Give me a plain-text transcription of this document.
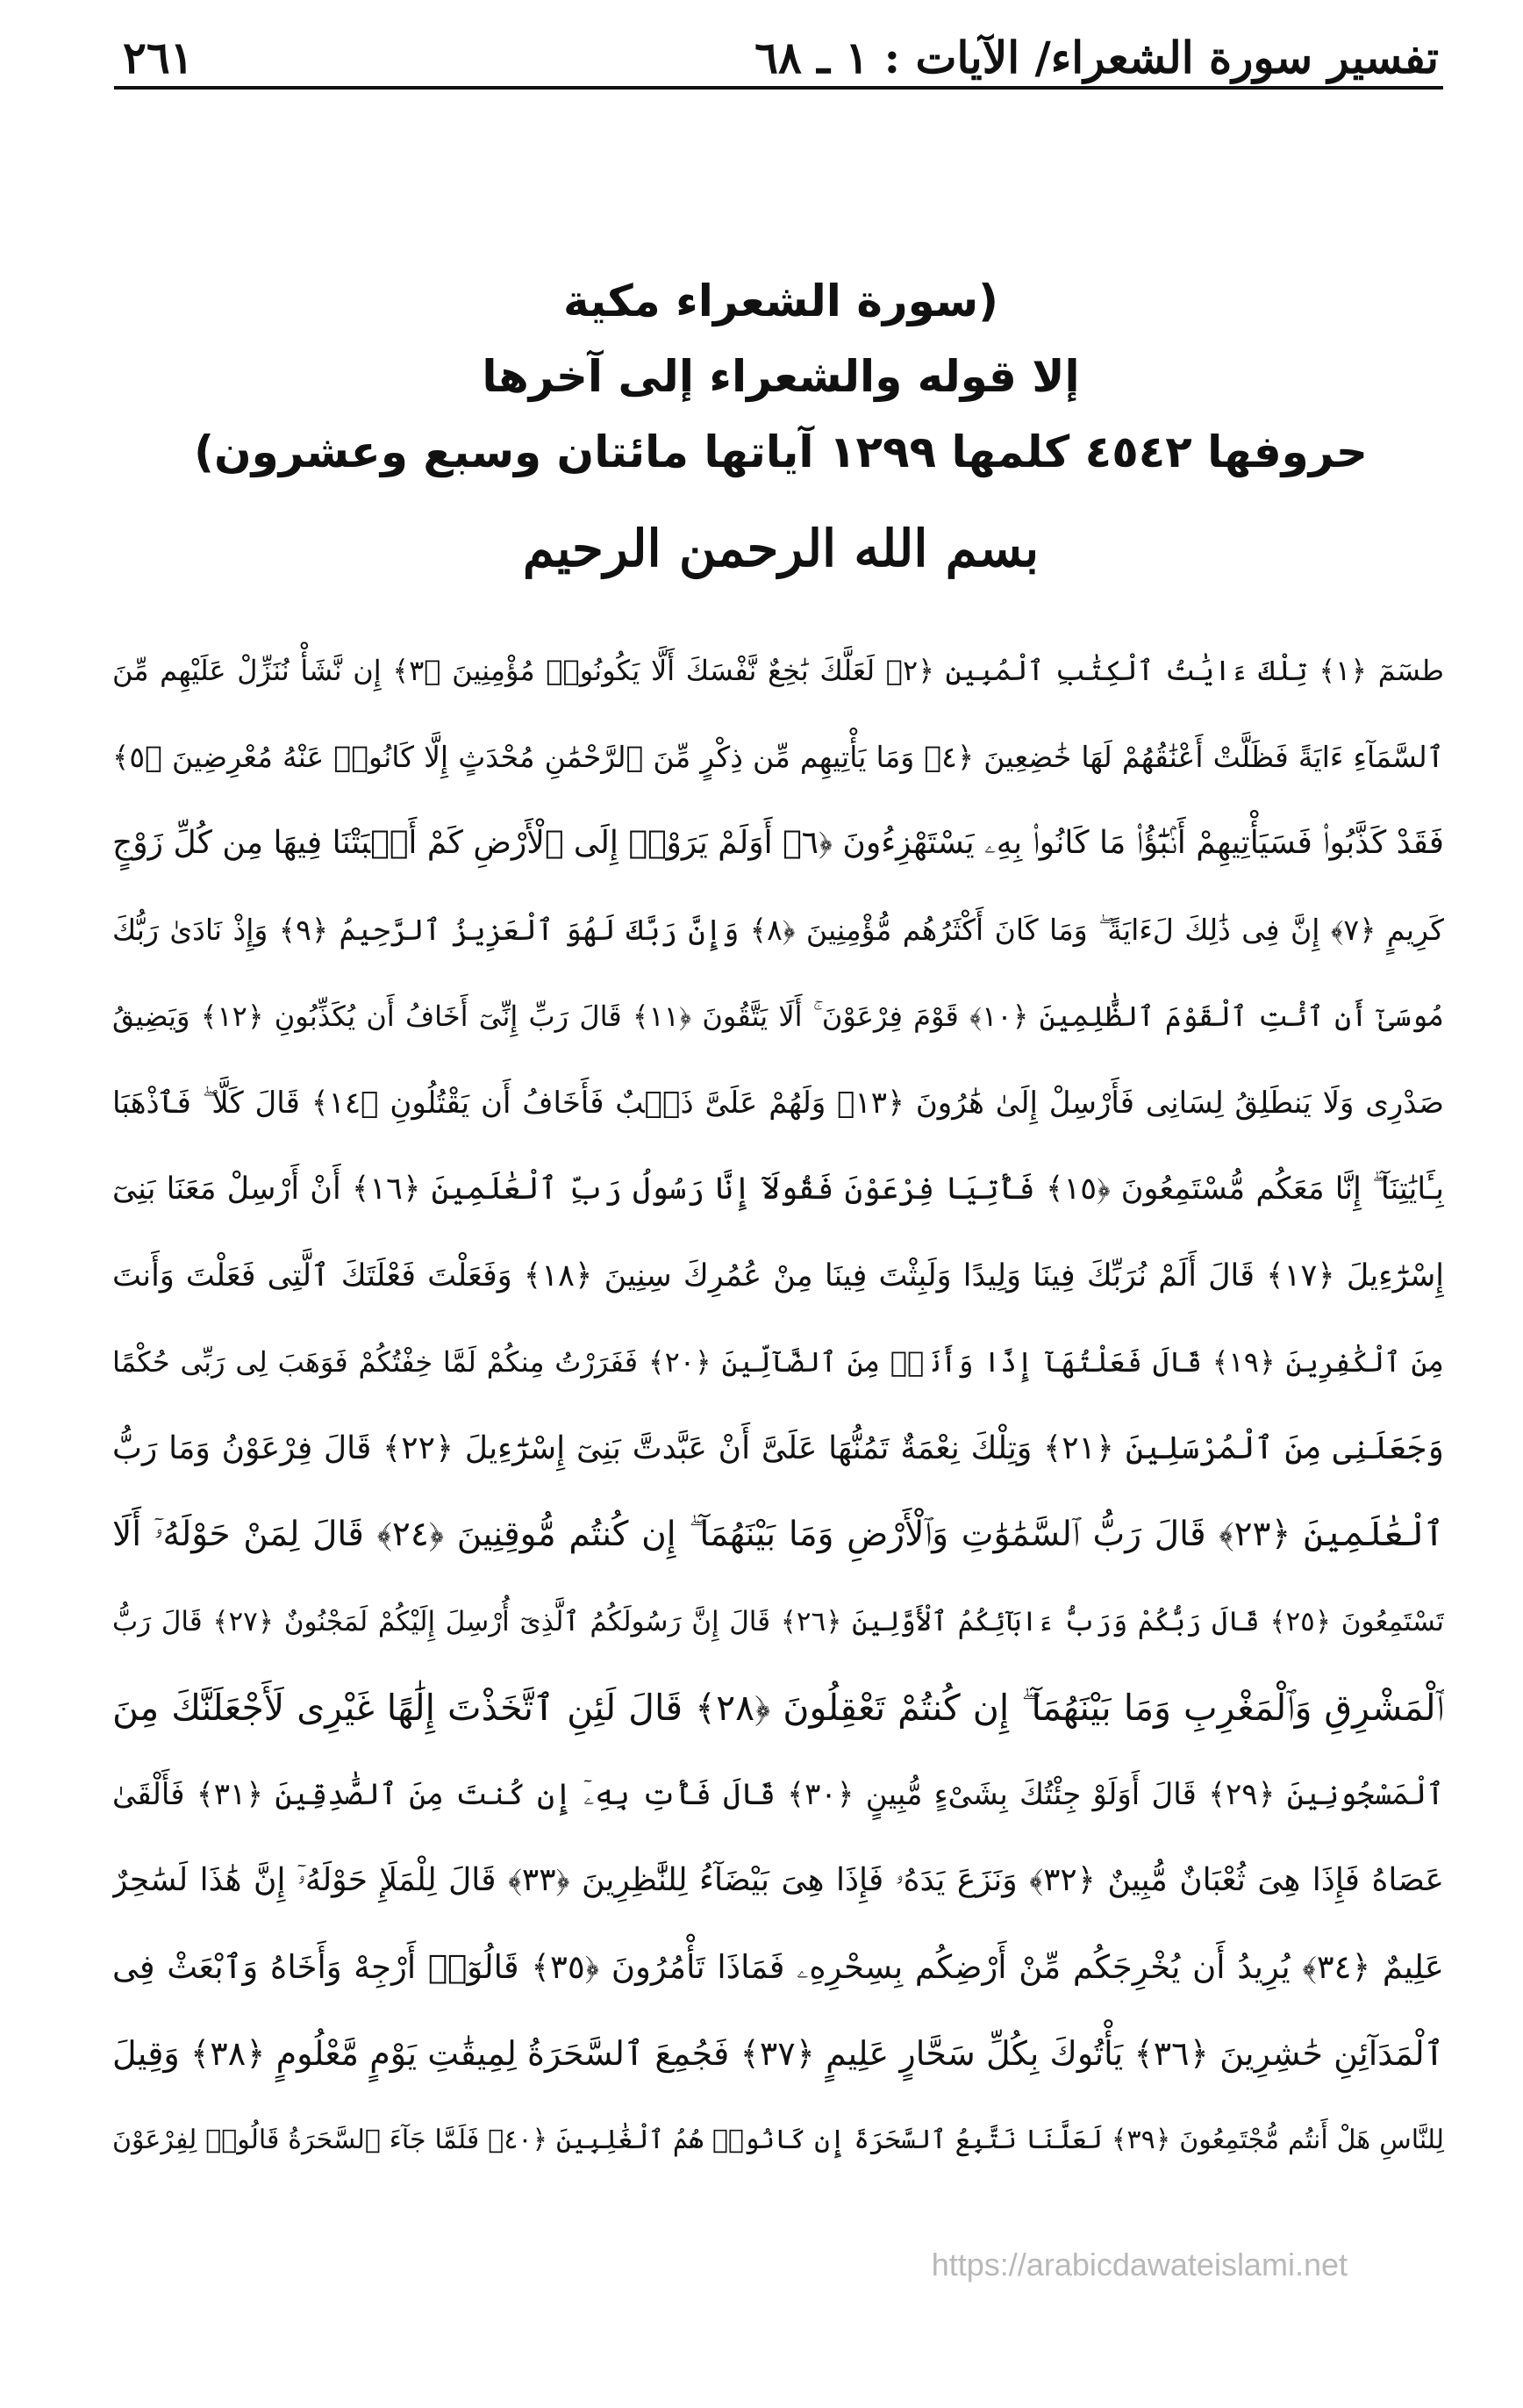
تفسير سورة الشعراء/ الآيات : ١ ـ ٦٨
٢٦١
(سورة الشعراء مكية
إلا قوله والشعراء إلى آخرها
حروفها ٤٥٤٢ كلمها ١٢٩٩ آياتها مائتان وسبع وعشرون)
بسم الله الرحمن الرحيم
طسٓمٓ ﴿١﴾ تِلْكَ ءَايَٰتُ ٱلْكِتَٰبِ ٱلْمُبِينِ ﴿٢﴾ لَعَلَّكَ بَٰخِعٌ نَّفْسَكَ أَلَّا يَكُونُوا۟ مُؤْمِنِينَ ﴿٣﴾ إِن نَّشَأْ نُنَزِّلْ عَلَيْهِم مِّنَ
ٱلسَّمَآءِ ءَايَةً فَظَلَّتْ أَعْنَٰقُهُمْ لَهَا خَٰضِعِينَ ﴿٤﴾ وَمَا يَأْتِيهِم مِّن ذِكْرٍ مِّنَ ٱلرَّحْمَٰنِ مُحْدَثٍ إِلَّا كَانُوا۟ عَنْهُ مُعْرِضِينَ ﴿٥﴾
فَقَدْ كَذَّبُوا۟ فَسَيَأْتِيهِمْ أَنۢبَٰٓؤُا۟ مَا كَانُوا۟ بِهِۦ يَسْتَهْزِءُونَ ﴿٦﴾ أَوَلَمْ يَرَوْا۟ إِلَى ٱلْأَرْضِ كَمْ أَنۢبَتْنَا فِيهَا مِن كُلِّ زَوْجٍ
كَرِيمٍ ﴿٧﴾ إِنَّ فِى ذَٰلِكَ لَءَايَةً ۖ وَمَا كَانَ أَكْثَرُهُم مُّؤْمِنِينَ ﴿٨﴾ وَإِنَّ رَبَّكَ لَهُوَ ٱلْعَزِيزُ ٱلرَّحِيمُ ﴿٩﴾ وَإِذْ نَادَىٰ رَبُّكَ
مُوسَىٰٓ أَنِ ٱئْتِ ٱلْقَوْمَ ٱلظَّٰلِمِينَ ﴿١٠﴾ قَوْمَ فِرْعَوْنَ ۚ أَلَا يَتَّقُونَ ﴿١١﴾ قَالَ رَبِّ إِنِّىٓ أَخَافُ أَن يُكَذِّبُونِ ﴿١٢﴾ وَيَضِيقُ
صَدْرِى وَلَا يَنطَلِقُ لِسَانِى فَأَرْسِلْ إِلَىٰ هَٰرُونَ ﴿١٣﴾ وَلَهُمْ عَلَىَّ ذَنۢبٌ فَأَخَافُ أَن يَقْتُلُونِ ﴿١٤﴾ قَالَ كَلَّا ۖ فَٱذْهَبَا
بِـَٔايَٰتِنَآ ۖ إِنَّا مَعَكُم مُّسْتَمِعُونَ ﴿١٥﴾ فَأْتِيَا فِرْعَوْنَ فَقُولَآ إِنَّا رَسُولُ رَبِّ ٱلْعَٰلَمِينَ ﴿١٦﴾ أَنْ أَرْسِلْ مَعَنَا بَنِىٓ
إِسْرَٰٓءِيلَ ﴿١٧﴾ قَالَ أَلَمْ نُرَبِّكَ فِينَا وَلِيدًا وَلَبِثْتَ فِينَا مِنْ عُمُرِكَ سِنِينَ ﴿١٨﴾ وَفَعَلْتَ فَعْلَتَكَ ٱلَّتِى فَعَلْتَ وَأَنتَ
مِنَ ٱلْكَٰفِرِينَ ﴿١٩﴾ قَالَ فَعَلْتُهَآ إِذًا وَأَنَا۠ مِنَ ٱلضَّآلِّينَ ﴿٢٠﴾ فَفَرَرْتُ مِنكُمْ لَمَّا خِفْتُكُمْ فَوَهَبَ لِى رَبِّى حُكْمًا
وَجَعَلَنِى مِنَ ٱلْمُرْسَلِينَ ﴿٢١﴾ وَتِلْكَ نِعْمَةٌ تَمُنُّهَا عَلَىَّ أَنْ عَبَّدتَّ بَنِىٓ إِسْرَٰٓءِيلَ ﴿٢٢﴾ قَالَ فِرْعَوْنُ وَمَا رَبُّ
ٱلْعَٰلَمِينَ ﴿٢٣﴾ قَالَ رَبُّ ٱلسَّمَٰوَٰتِ وَٱلْأَرْضِ وَمَا بَيْنَهُمَآ ۖ إِن كُنتُم مُّوقِنِينَ ﴿٢٤﴾ قَالَ لِمَنْ حَوْلَهُۥٓ أَلَا
تَسْتَمِعُونَ ﴿٢٥﴾ قَالَ رَبُّكُمْ وَرَبُّ ءَابَآئِكُمُ ٱلْأَوَّلِينَ ﴿٢٦﴾ قَالَ إِنَّ رَسُولَكُمُ ٱلَّذِىٓ أُرْسِلَ إِلَيْكُمْ لَمَجْنُونٌ ﴿٢٧﴾ قَالَ رَبُّ
ٱلْمَشْرِقِ وَٱلْمَغْرِبِ وَمَا بَيْنَهُمَآ ۖ إِن كُنتُمْ تَعْقِلُونَ ﴿٢٨﴾ قَالَ لَئِنِ ٱتَّخَذْتَ إِلَٰهًا غَيْرِى لَأَجْعَلَنَّكَ مِنَ
ٱلْمَسْجُونِينَ ﴿٢٩﴾ قَالَ أَوَلَوْ جِئْتُكَ بِشَىْءٍ مُّبِينٍ ﴿٣٠﴾ قَالَ فَأْتِ بِهِۦٓ إِن كُنتَ مِنَ ٱلصَّٰدِقِينَ ﴿٣١﴾ فَأَلْقَىٰ
عَصَاهُ فَإِذَا هِىَ ثُعْبَانٌ مُّبِينٌ ﴿٣٢﴾ وَنَزَعَ يَدَهُۥ فَإِذَا هِىَ بَيْضَآءُ لِلنَّٰظِرِينَ ﴿٣٣﴾ قَالَ لِلْمَلَإِ حَوْلَهُۥٓ إِنَّ هَٰذَا لَسَٰحِرٌ
عَلِيمٌ ﴿٣٤﴾ يُرِيدُ أَن يُخْرِجَكُم مِّنْ أَرْضِكُم بِسِحْرِهِۦ فَمَاذَا تَأْمُرُونَ ﴿٣٥﴾ قَالُوٓا۟ أَرْجِهْ وَأَخَاهُ وَٱبْعَثْ فِى
ٱلْمَدَآئِنِ حَٰشِرِينَ ﴿٣٦﴾ يَأْتُوكَ بِكُلِّ سَحَّارٍ عَلِيمٍ ﴿٣٧﴾ فَجُمِعَ ٱلسَّحَرَةُ لِمِيقَٰتِ يَوْمٍ مَّعْلُومٍ ﴿٣٨﴾ وَقِيلَ
لِلنَّاسِ هَلْ أَنتُم مُّجْتَمِعُونَ ﴿٣٩﴾ لَعَلَّنَا نَتَّبِعُ ٱلسَّحَرَةَ إِن كَانُوا۟ هُمُ ٱلْغَٰلِبِينَ ﴿٤٠﴾ فَلَمَّا جَآءَ ٱلسَّحَرَةُ قَالُوا۟ لِفِرْعَوْنَ
https://arabicdawateislami.net
